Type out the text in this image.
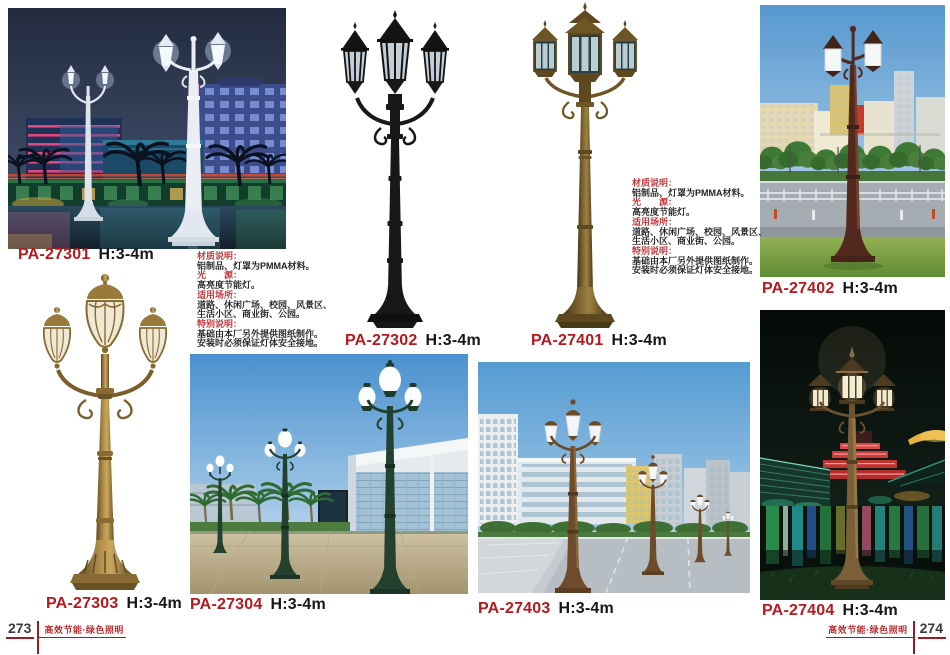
PA-27301 H:3-4m
PA-27302 H:3-4m	PA-27401 H:3-4m
PA-27402 H:3-4m
PA-27303 H:3-4m PA-27304 H:3-4m	PA-27403 H:3-4m	PA-27404 H:3-4m
材质说明：
铝制品、灯罩为PMMA材料。
光　　源：
高亮度节能灯。
适用场所：
道路、休闲广场、校园、风景区、
生活小区、商业街、公园。
特别说明：
基础由本厂另外提供图纸制作。
安装时必须保证灯体安全接地。
材质说明：
铝制品、灯罩为PMMA材料。
光　　源：
高亮度节能灯。
适用场所：
道路、休闲广场、校园、风景区、
生活小区、商业街、公园。
特别说明：
基础由本厂另外提供图纸制作。
安装时必须保证灯体安全接地。
273	高效节能·绿色照明	高效节能·绿色照明 274
